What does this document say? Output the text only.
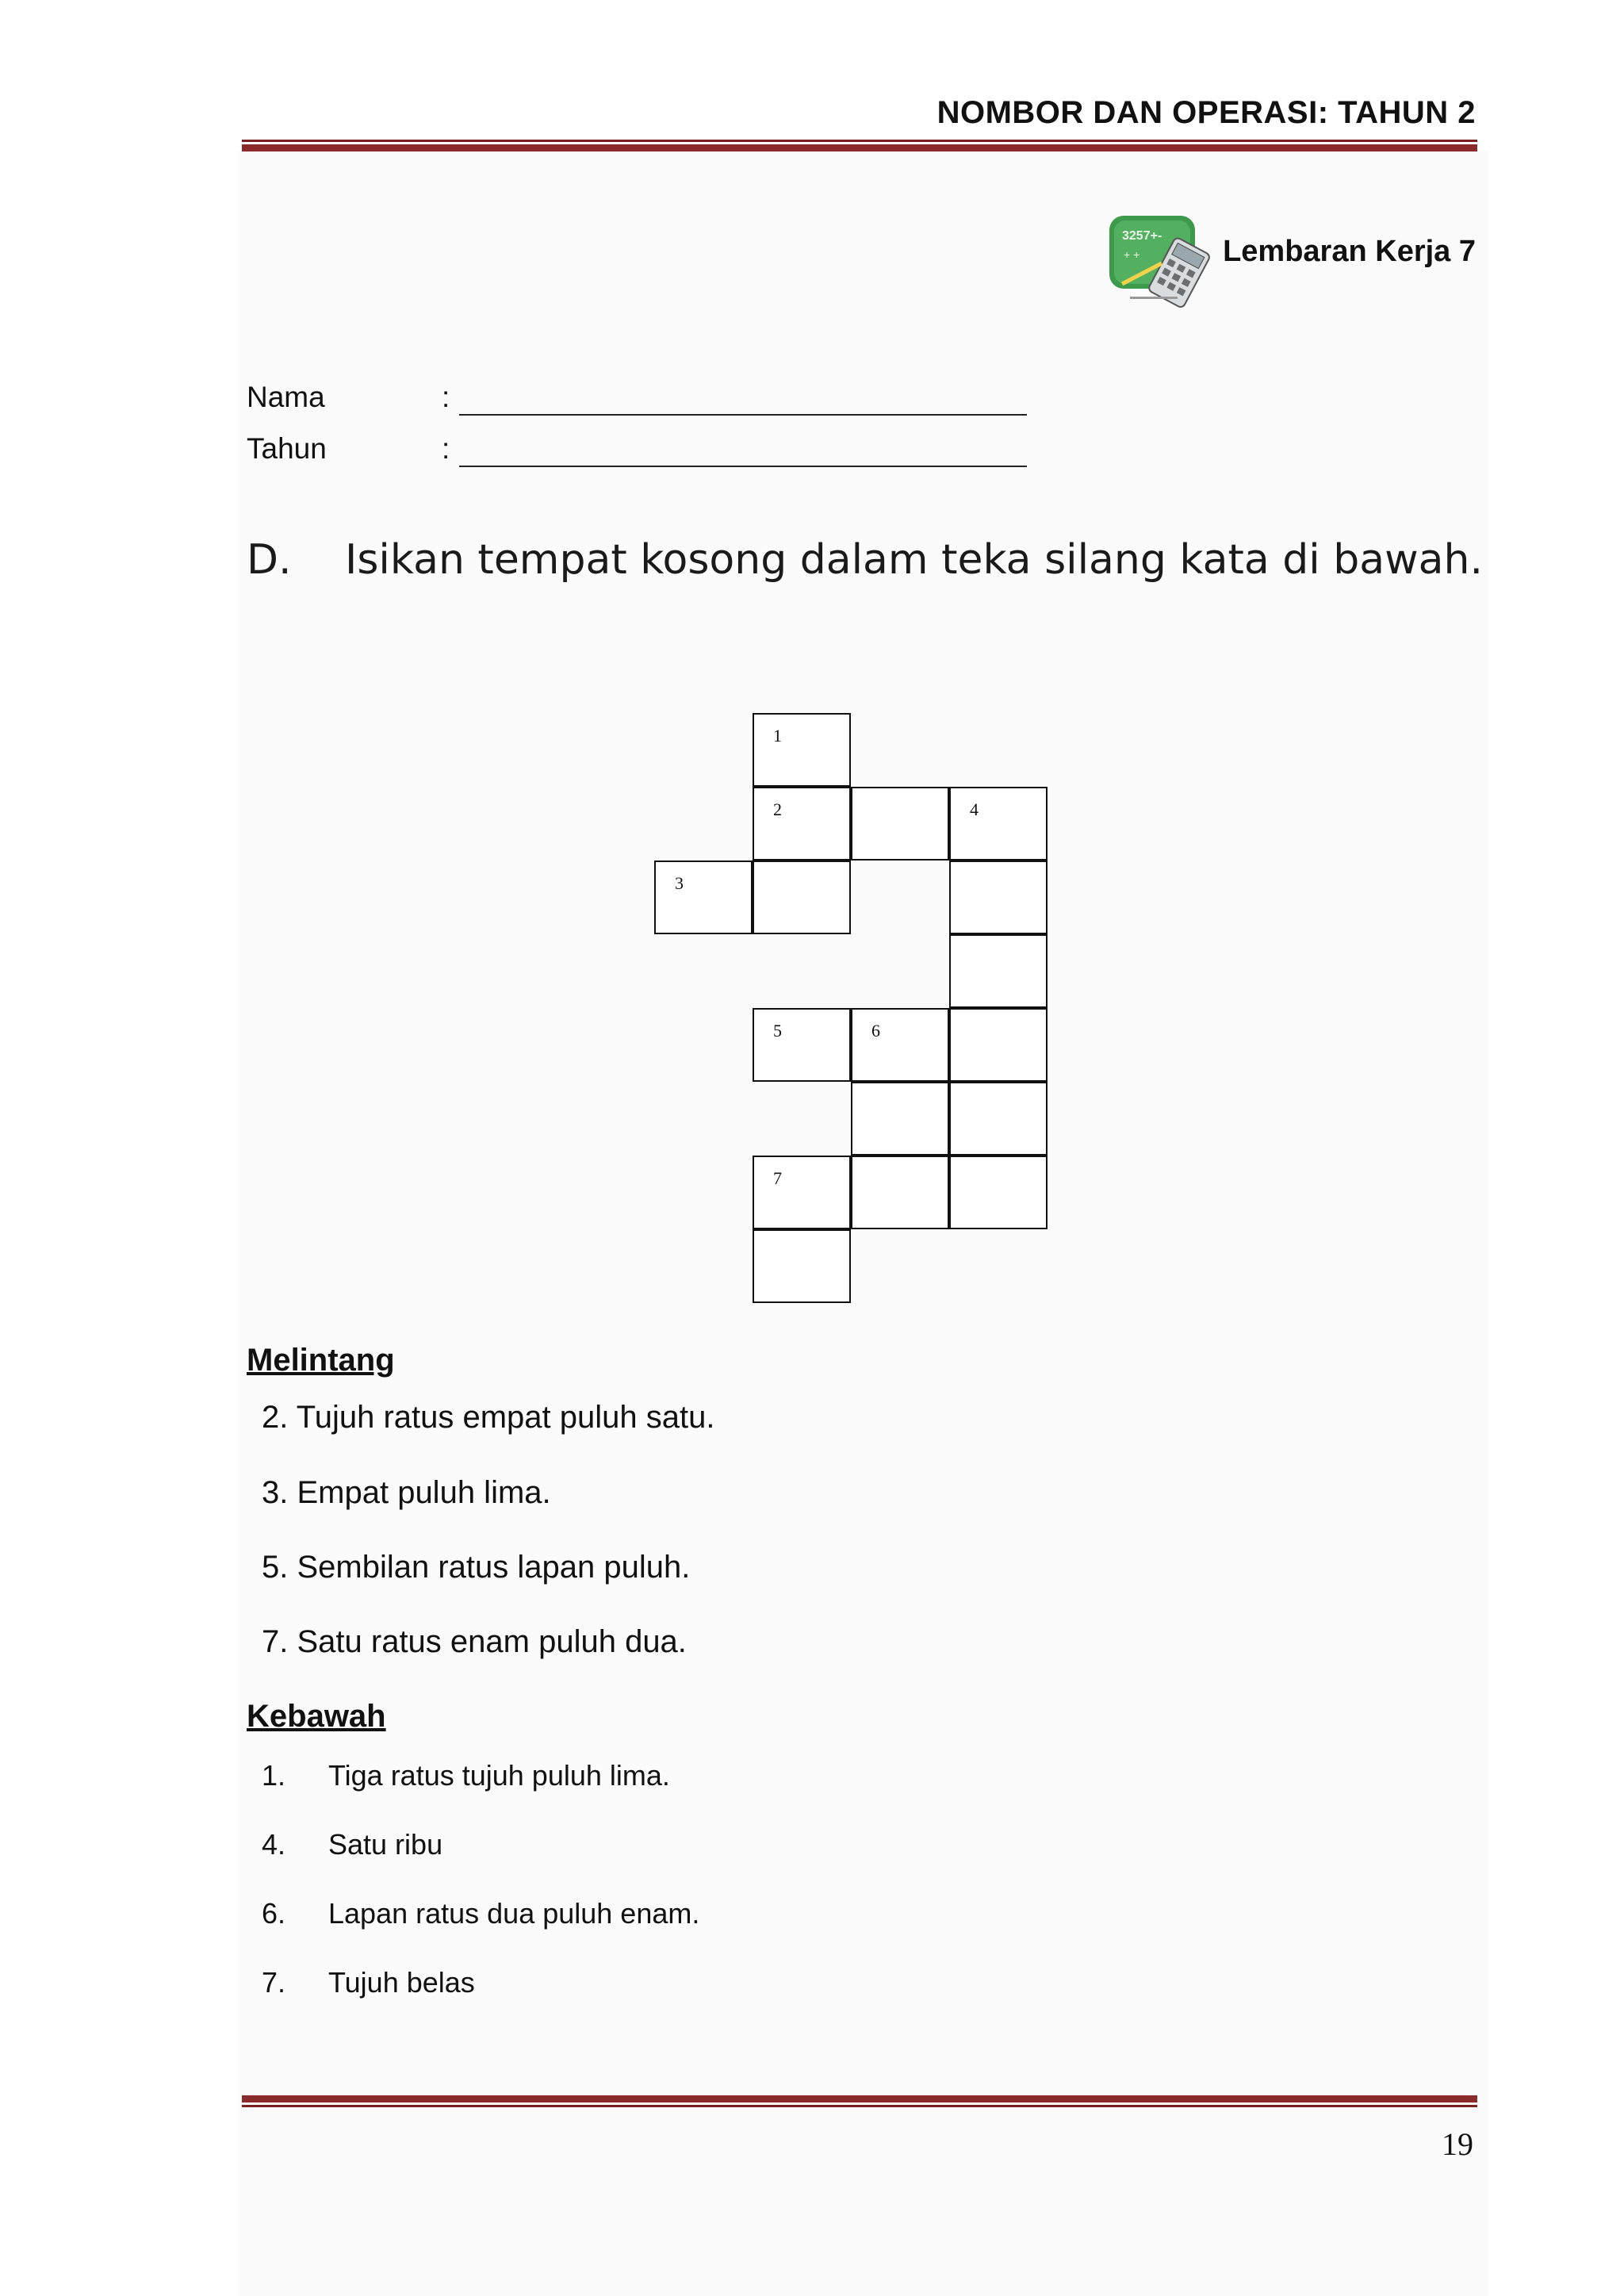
NOMBOR DAN OPERASI: TAHUN 2
3257+-
+ +	Lembaran Kerja 7
Nama	:
Tahun	:
D. Isikan tempat kosong dalam teka silang kata di bawah.
1
2	4
3
5	6
7
Melintang
2. Tujuh ratus empat puluh satu.
3. Empat puluh lima.
5. Sembilan ratus lapan puluh.
7. Satu ratus enam puluh dua.
Kebawah
1. Tiga ratus tujuh puluh lima.
4. Satu ribu
6. Lapan ratus dua puluh enam.
7. Tujuh belas
19
